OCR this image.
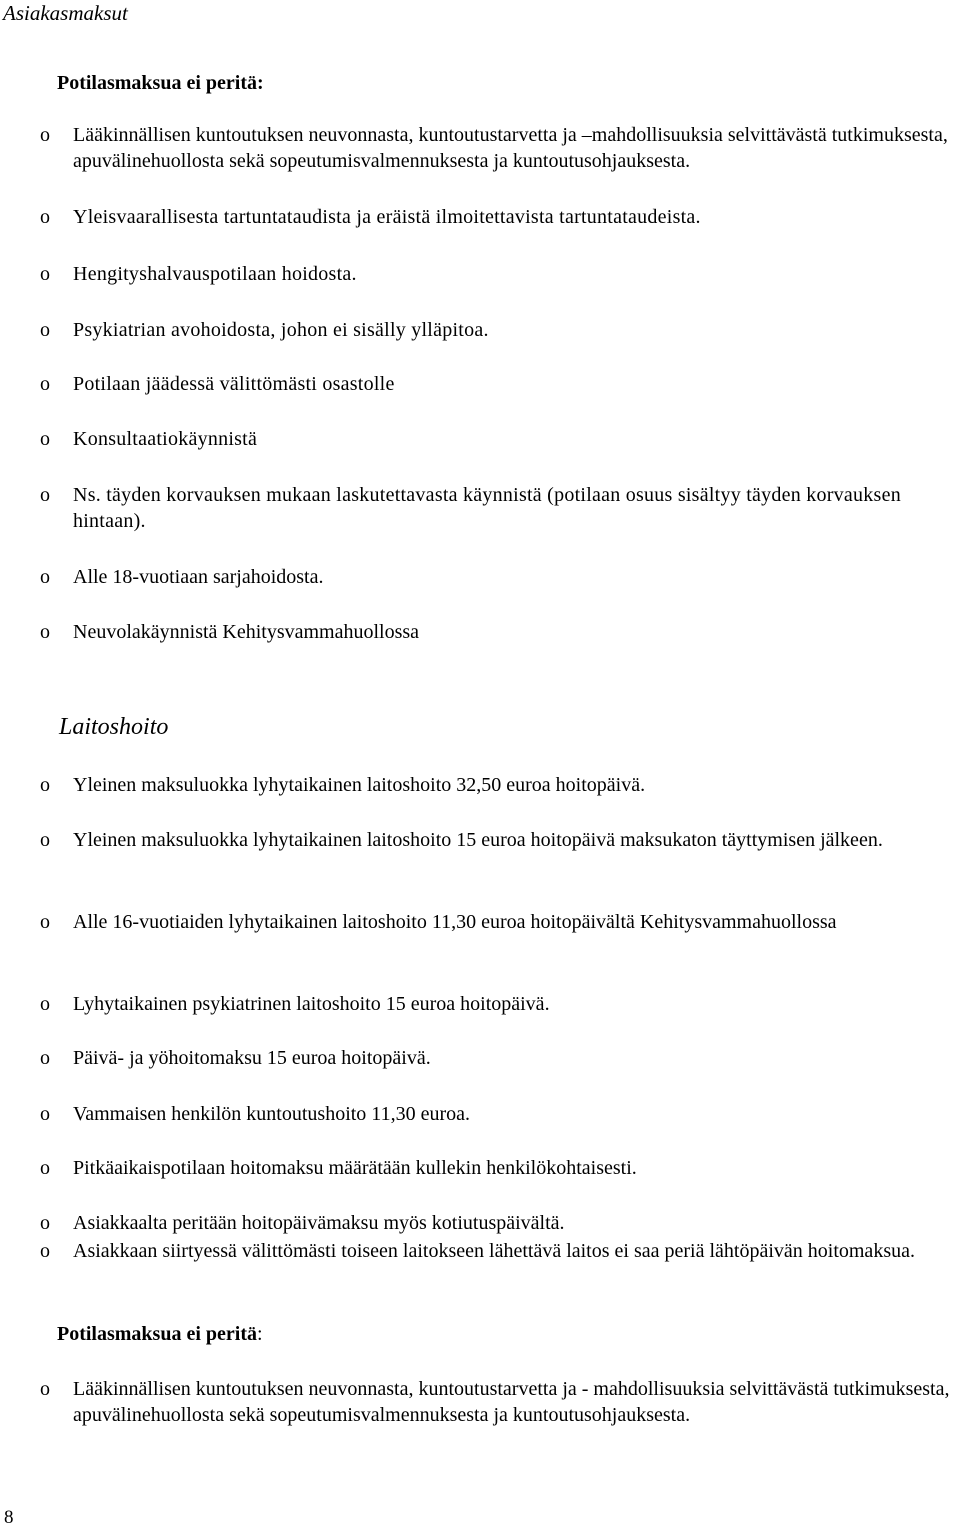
Asiakasmaksut
Potilasmaksua ei peritä:
o Lääkinnällisen kuntoutuksen neuvonnasta, kuntoutustarvetta ja –mahdollisuuksia selvittävästä tutkimuksesta, apuvälinehuollosta sekä sopeutumisvalmennuksesta ja kuntoutusohjauksesta.
o Yleisvaarallisesta tartuntataudista ja eräistä ilmoitettavista tartuntataudeista.
o Hengityshalvauspotilaan hoidosta.
o Psykiatrian avohoidosta, johon ei sisälly ylläpitoa.
o Potilaan jäädessä välittömästi osastolle
o Konsultaatiokäynnistä
o Ns. täyden korvauksen mukaan laskutettavasta käynnistä (potilaan osuus sisältyy täyden korvauksen hintaan).
o Alle 18-vuotiaan sarjahoidosta.
o Neuvolakäynnistä Kehitysvammahuollossa
Laitoshoito
o Yleinen maksuluokka lyhytaikainen laitoshoito 32,50 euroa hoitopäivä.
o Yleinen maksuluokka lyhytaikainen laitoshoito 15 euroa hoitopäivä maksukaton täyttymisen jälkeen.
o Alle 16-vuotiaiden lyhytaikainen laitoshoito 11,30 euroa hoitopäivältä Kehitysvammahuollossa
o Lyhytaikainen psykiatrinen laitoshoito 15 euroa hoitopäivä.
o Päivä- ja yöhoitomaksu 15 euroa hoitopäivä.
o Vammaisen henkilön kuntoutushoito 11,30 euroa.
o Pitkäaikaispotilaan hoitomaksu määrätään kullekin henkilökohtaisesti.
o Asiakkaalta peritään hoitopäivämaksu myös kotiutuspäivältä.
o Asiakkaan siirtyessä välittömästi toiseen laitokseen lähettävä laitos ei saa periä lähtöpäivän hoitomaksua.
Potilasmaksua ei peritä:
o Lääkinnällisen kuntoutuksen neuvonnasta, kuntoutustarvetta ja - mahdollisuuksia selvittävästä tutkimuksesta, apuvälinehuollosta sekä sopeutumisvalmennuksesta ja kuntoutusohjauksesta.
8
